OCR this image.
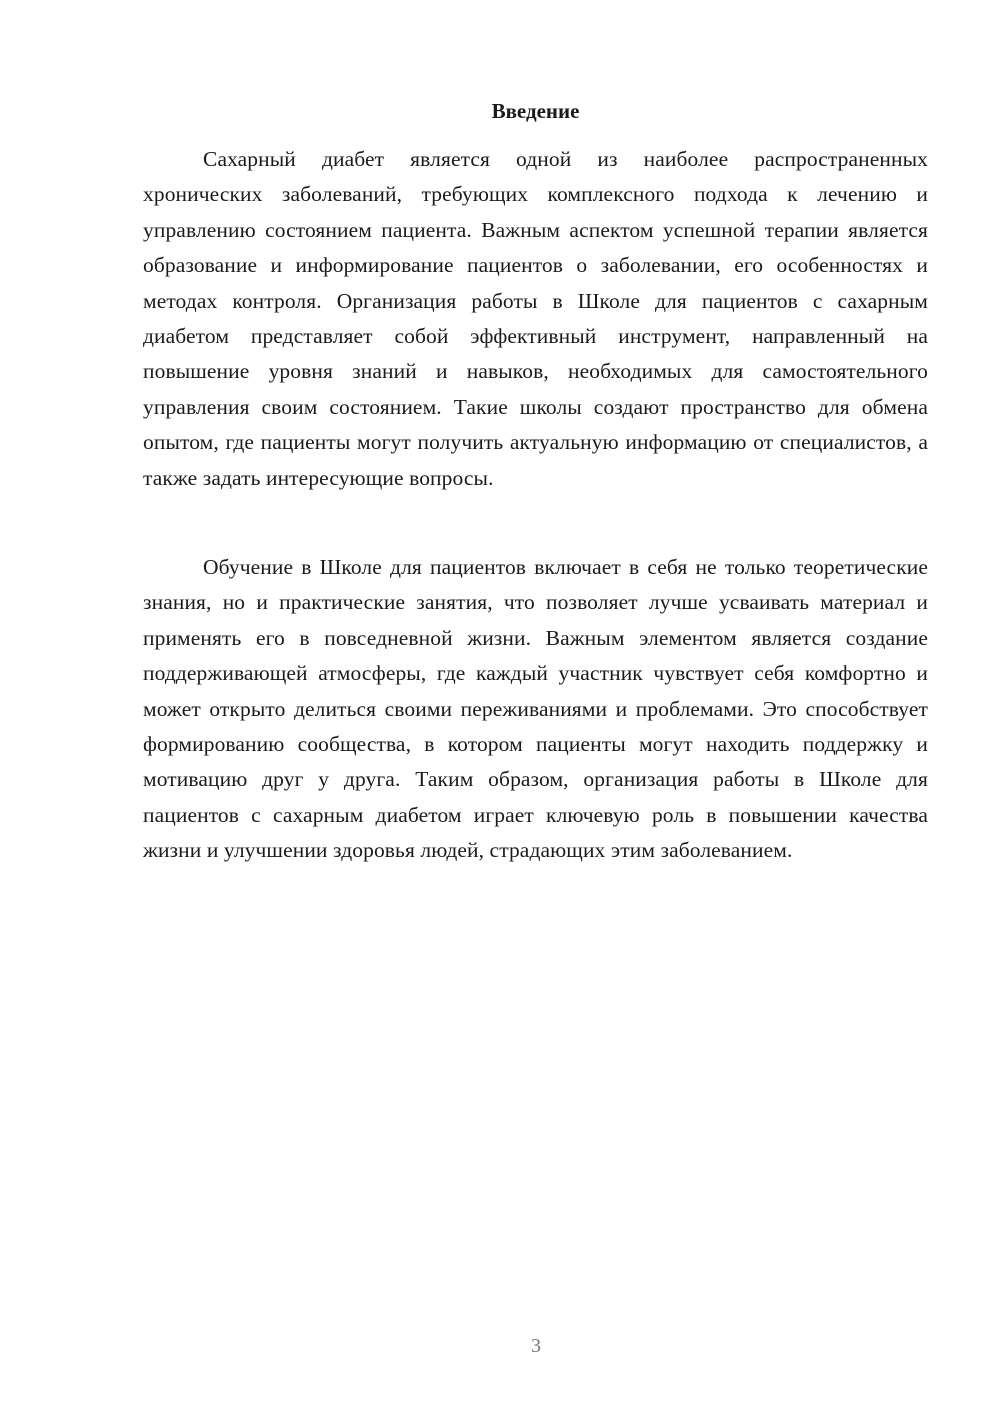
Введение

Сахарный диабет является одной из наиболее распространенных хронических заболеваний, требующих комплексного подхода к лечению и управлению состоянием пациента. Важным аспектом успешной терапии является образование и информирование пациентов о заболевании, его особенностях и методах контроля. Организация работы в Школе для пациентов с сахарным диабетом представляет собой эффективный инструмент, направленный на повышение уровня знаний и навыков, необходимых для самостоятельного управления своим состоянием. Такие школы создают пространство для обмена опытом, где пациенты могут получить актуальную информацию от специалистов, а также задать интересующие вопросы.

Обучение в Школе для пациентов включает в себя не только теоретические знания, но и практические занятия, что позволяет лучше усваивать материал и применять его в повседневной жизни. Важным элементом является создание поддерживающей атмосферы, где каждый участник чувствует себя комфортно и может открыто делиться своими переживаниями и проблемами. Это способствует формированию сообщества, в котором пациенты могут находить поддержку и мотивацию друг у друга. Таким образом, организация работы в Школе для пациентов с сахарным диабетом играет ключевую роль в повышении качества жизни и улучшении здоровья людей, страдающих этим заболеванием.

3
